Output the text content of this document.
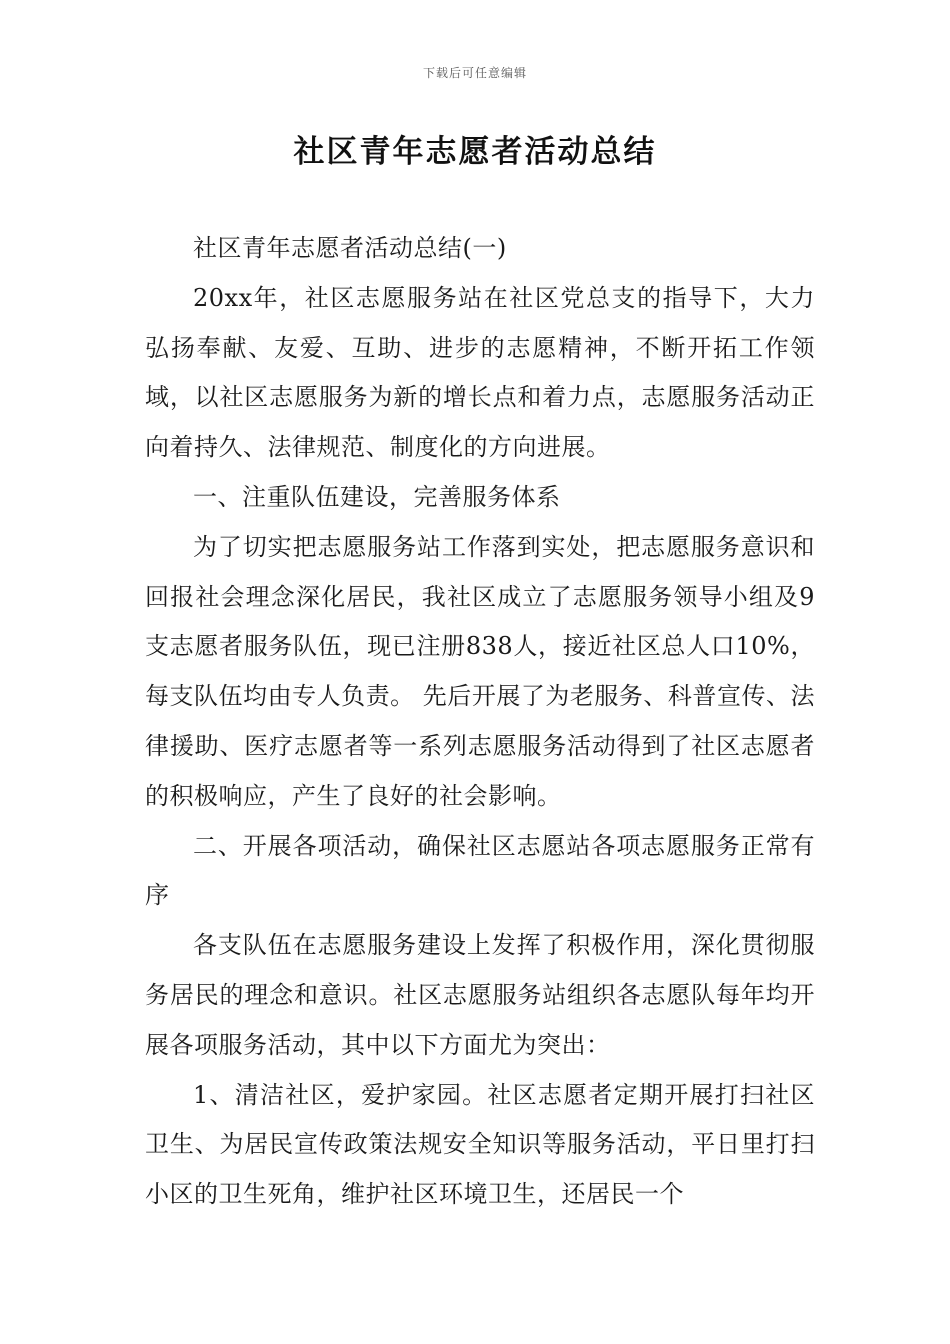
下载后可任意编辑
社区青年志愿者活动总结

社区青年志愿者活动总结(一)

20xx年，社区志愿服务站在社区党总支的指导下，大力弘扬奉献、友爱、互助、进步的志愿精神，不断开拓工作领域，以社区志愿服务为新的增长点和着力点，志愿服务活动正向着持久、法律规范、制度化的方向进展。

一、注重队伍建设，完善服务体系

为了切实把志愿服务站工作落到实处，把志愿服务意识和回报社会理念深化居民，我社区成立了志愿服务领导小组及9支志愿者服务队伍，现已注册838人，接近社区总人口10%，每支队伍均由专人负责。 先后开展了为老服务、科普宣传、法律援助、医疗志愿者等一系列志愿服务活动得到了社区志愿者的积极响应，产生了良好的社会影响。

二、开展各项活动，确保社区志愿站各项志愿服务正常有序

各支队伍在志愿服务建设上发挥了积极作用，深化贯彻服务居民的理念和意识。社区志愿服务站组织各志愿队每年均开展各项服务活动，其中以下方面尤为突出：

1、清洁社区，爱护家园。社区志愿者定期开展打扫社区卫生、为居民宣传政策法规安全知识等服务活动，平日里打扫小区的卫生死角，维护社区环境卫生，还居民一个
